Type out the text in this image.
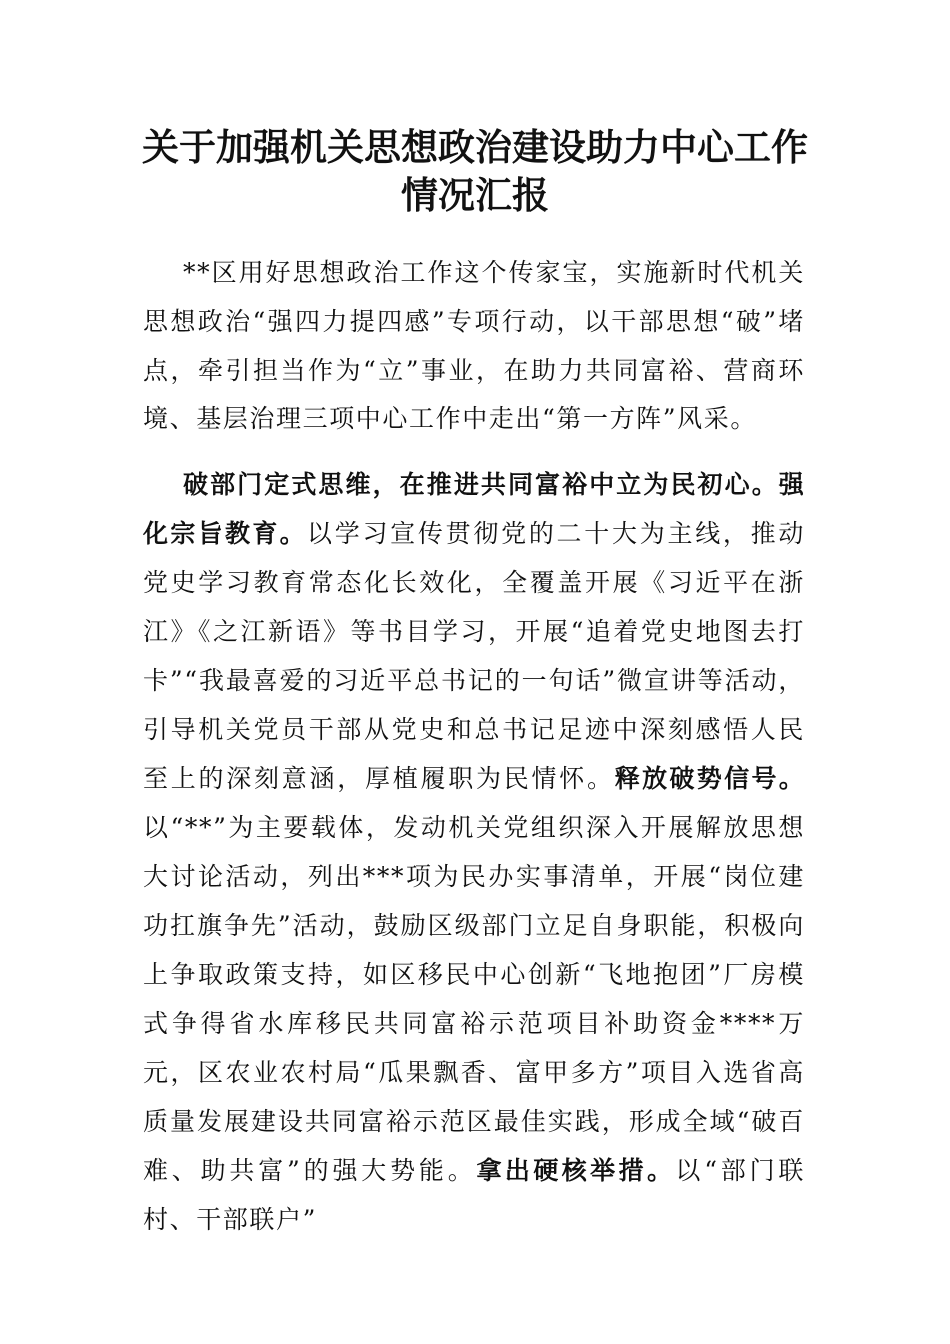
关于加强机关思想政治建设助力中心工作
情况汇报

**区用好思想政治工作这个传家宝，实施新时代机关思想政治“强四力提四感”专项行动，以干部思想“破”堵点，牵引担当作为“立”事业，在助力共同富裕、营商环境、基层治理三项中心工作中走出“第一方阵”风采。

破部门定式思维，在推进共同富裕中立为民初心。强化宗旨教育。以学习宣传贯彻党的二十大为主线，推动党史学习教育常态化长效化，全覆盖开展《习近平在浙江》《之江新语》等书目学习，开展“追着党史地图去打卡”“我最喜爱的习近平总书记的一句话”微宣讲等活动，引导机关党员干部从党史和总书记足迹中深刻感悟人民至上的深刻意涵，厚植履职为民情怀。释放破势信号。以“**”为主要载体，发动机关党组织深入开展解放思想大讨论活动，列出***项为民办实事清单，开展“岗位建功扛旗争先”活动，鼓励区级部门立足自身职能，积极向上争取政策支持，如区移民中心创新“飞地抱团”厂房模式争得省水库移民共同富裕示范项目补助资金****万元，区农业农村局“瓜果飘香、富甲多方”项目入选省高质量发展建设共同富裕示范区最佳实践，形成全域“破百难、助共富”的强大势能。拿出硬核举措。以“部门联村、干部联户”
